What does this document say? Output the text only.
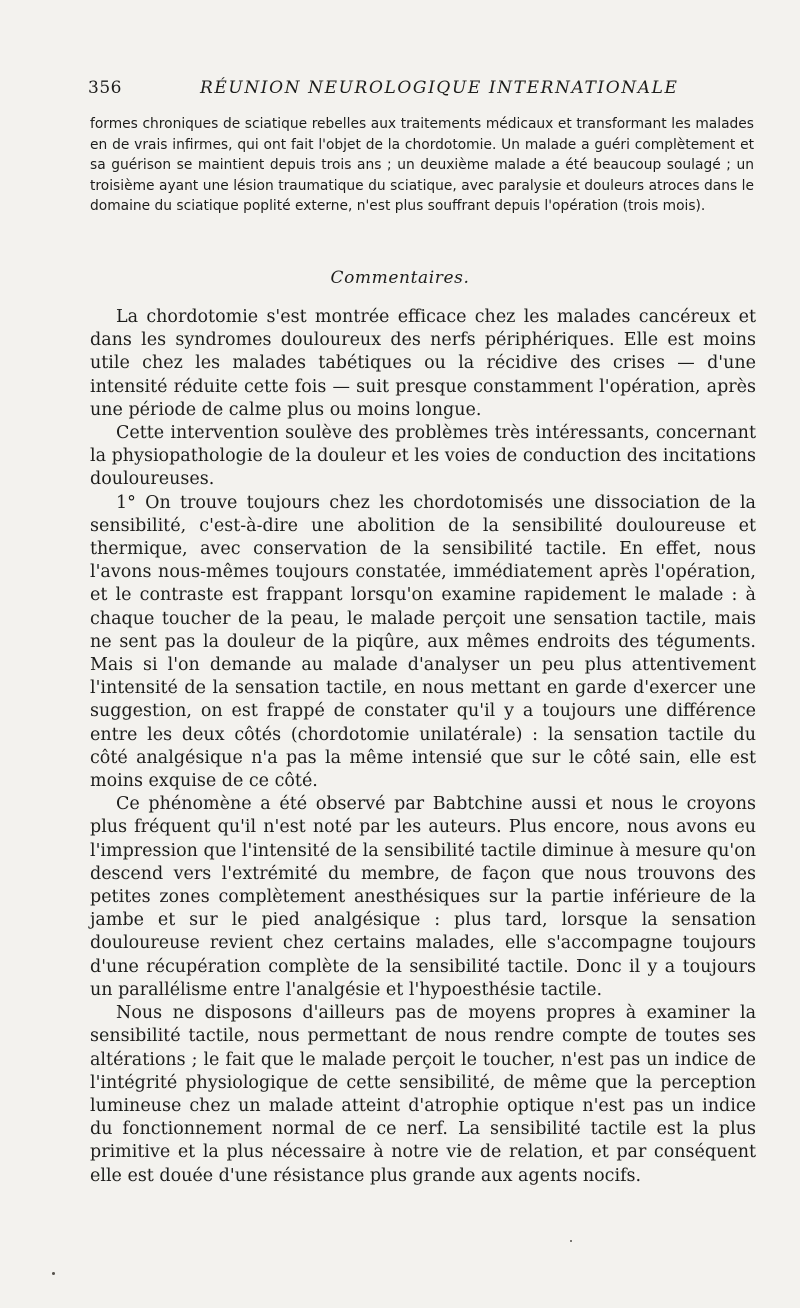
356	RÉUNION NEUROLOGIQUE INTERNATIONALE

formes chroniques de sciatique rebelles aux traitements médicaux et transformant les malades en de vrais infirmes, qui ont fait l'objet de la chordotomie. Un malade a guéri complètement et sa guérison se maintient depuis trois ans ; un deuxième malade a été beaucoup soulagé ; un troisième ayant une lésion traumatique du sciatique, avec paralysie et douleurs atroces dans le domaine du sciatique poplité externe, n'est plus souffrant depuis l'opération (trois mois).

Commentaires.

La chordotomie s'est montrée efficace chez les malades cancéreux et dans les syndromes douloureux des nerfs périphériques. Elle est moins utile chez les malades tabétiques ou la récidive des crises — d'une intensité réduite cette fois — suit presque constamment l'opération, après une période de calme plus ou moins longue.

Cette intervention soulève des problèmes très intéressants, concernant la physiopathologie de la douleur et les voies de conduction des incitations douloureuses.

1° On trouve toujours chez les chordotomisés une dissociation de la sensibilité, c'est-à-dire une abolition de la sensibilité douloureuse et thermique, avec conservation de la sensibilité tactile. En effet, nous l'avons nous-mêmes toujours constatée, immédiatement après l'opération, et le contraste est frappant lorsqu'on examine rapidement le malade : à chaque toucher de la peau, le malade perçoit une sensation tactile, mais ne sent pas la douleur de la piqûre, aux mêmes endroits des téguments. Mais si l'on demande au malade d'analyser un peu plus attentivement l'intensité de la sensation tactile, en nous mettant en garde d'exercer une suggestion, on est frappé de constater qu'il y a toujours une différence entre les deux côtés (chordotomie unilatérale) : la sensation tactile du côté analgésique n'a pas la même intensié que sur le côté sain, elle est moins exquise de ce côté.

Ce phénomène a été observé par Babtchine aussi et nous le croyons plus fréquent qu'il n'est noté par les auteurs. Plus encore, nous avons eu l'impression que l'intensité de la sensibilité tactile diminue à mesure qu'on descend vers l'extrémité du membre, de façon que nous trouvons des petites zones complètement anesthésiques sur la partie inférieure de la jambe et sur le pied analgésique : plus tard, lorsque la sensation douloureuse revient chez certains malades, elle s'accompagne toujours d'une récupération complète de la sensibilité tactile. Donc il y a toujours un parallélisme entre l'analgésie et l'hypoesthésie tactile.

Nous ne disposons d'ailleurs pas de moyens propres à examiner la sensibilité tactile, nous permettant de nous rendre compte de toutes ses altérations ; le fait que le malade perçoit le toucher, n'est pas un indice de l'intégrité physiologique de cette sensibilité, de même que la perception lumineuse chez un malade atteint d'atrophie optique n'est pas un indice du fonctionnement normal de ce nerf. La sensibilité tactile est la plus primitive et la plus nécessaire à notre vie de relation, et par conséquent elle est douée d'une résistance plus grande aux agents nocifs.
